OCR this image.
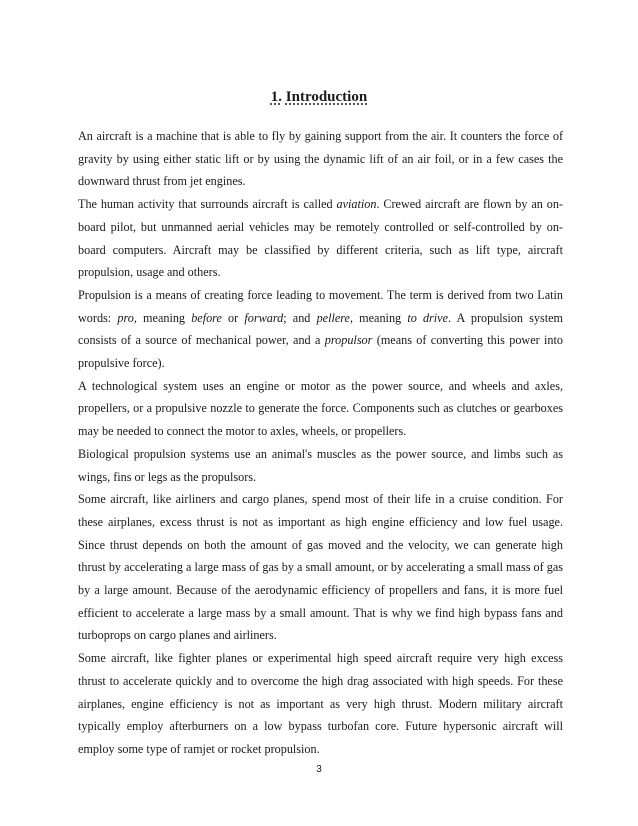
1. Introduction

An aircraft is a machine that is able to fly by gaining support from the air. It counters the force of gravity by using either static lift or by using the dynamic lift of an air foil, or in a few cases the downward thrust from jet engines.

The human activity that surrounds aircraft is called aviation. Crewed aircraft are flown by an on-board pilot, but unmanned aerial vehicles may be remotely controlled or self-controlled by on-board computers. Aircraft may be classified by different criteria, such as lift type, aircraft propulsion, usage and others.

Propulsion is a means of creating force leading to movement. The term is derived from two Latin words: pro, meaning before or forward; and pellere, meaning to drive. A propulsion system consists of a source of mechanical power, and a propulsor (means of converting this power into propulsive force).

A technological system uses an engine or motor as the power source, and wheels and axles, propellers, or a propulsive nozzle to generate the force. Components such as clutches or gearboxes may be needed to connect the motor to axles, wheels, or propellers.

Biological propulsion systems use an animal's muscles as the power source, and limbs such as wings, fins or legs as the propulsors.

Some aircraft, like airliners and cargo planes, spend most of their life in a cruise condition. For these airplanes, excess thrust is not as important as high engine efficiency and low fuel usage. Since thrust depends on both the amount of gas moved and the velocity, we can generate high thrust by accelerating a large mass of gas by a small amount, or by accelerating a small mass of gas by a large amount. Because of the aerodynamic efficiency of propellers and fans, it is more fuel efficient to accelerate a large mass by a small amount. That is why we find high bypass fans and turboprops on cargo planes and airliners.

Some aircraft, like fighter planes or experimental high speed aircraft require very high excess thrust to accelerate quickly and to overcome the high drag associated with high speeds. For these airplanes, engine efficiency is not as important as very high thrust. Modern military aircraft typically employ afterburners on a low bypass turbofan core. Future hypersonic aircraft will employ some type of ramjet or rocket propulsion.

3
